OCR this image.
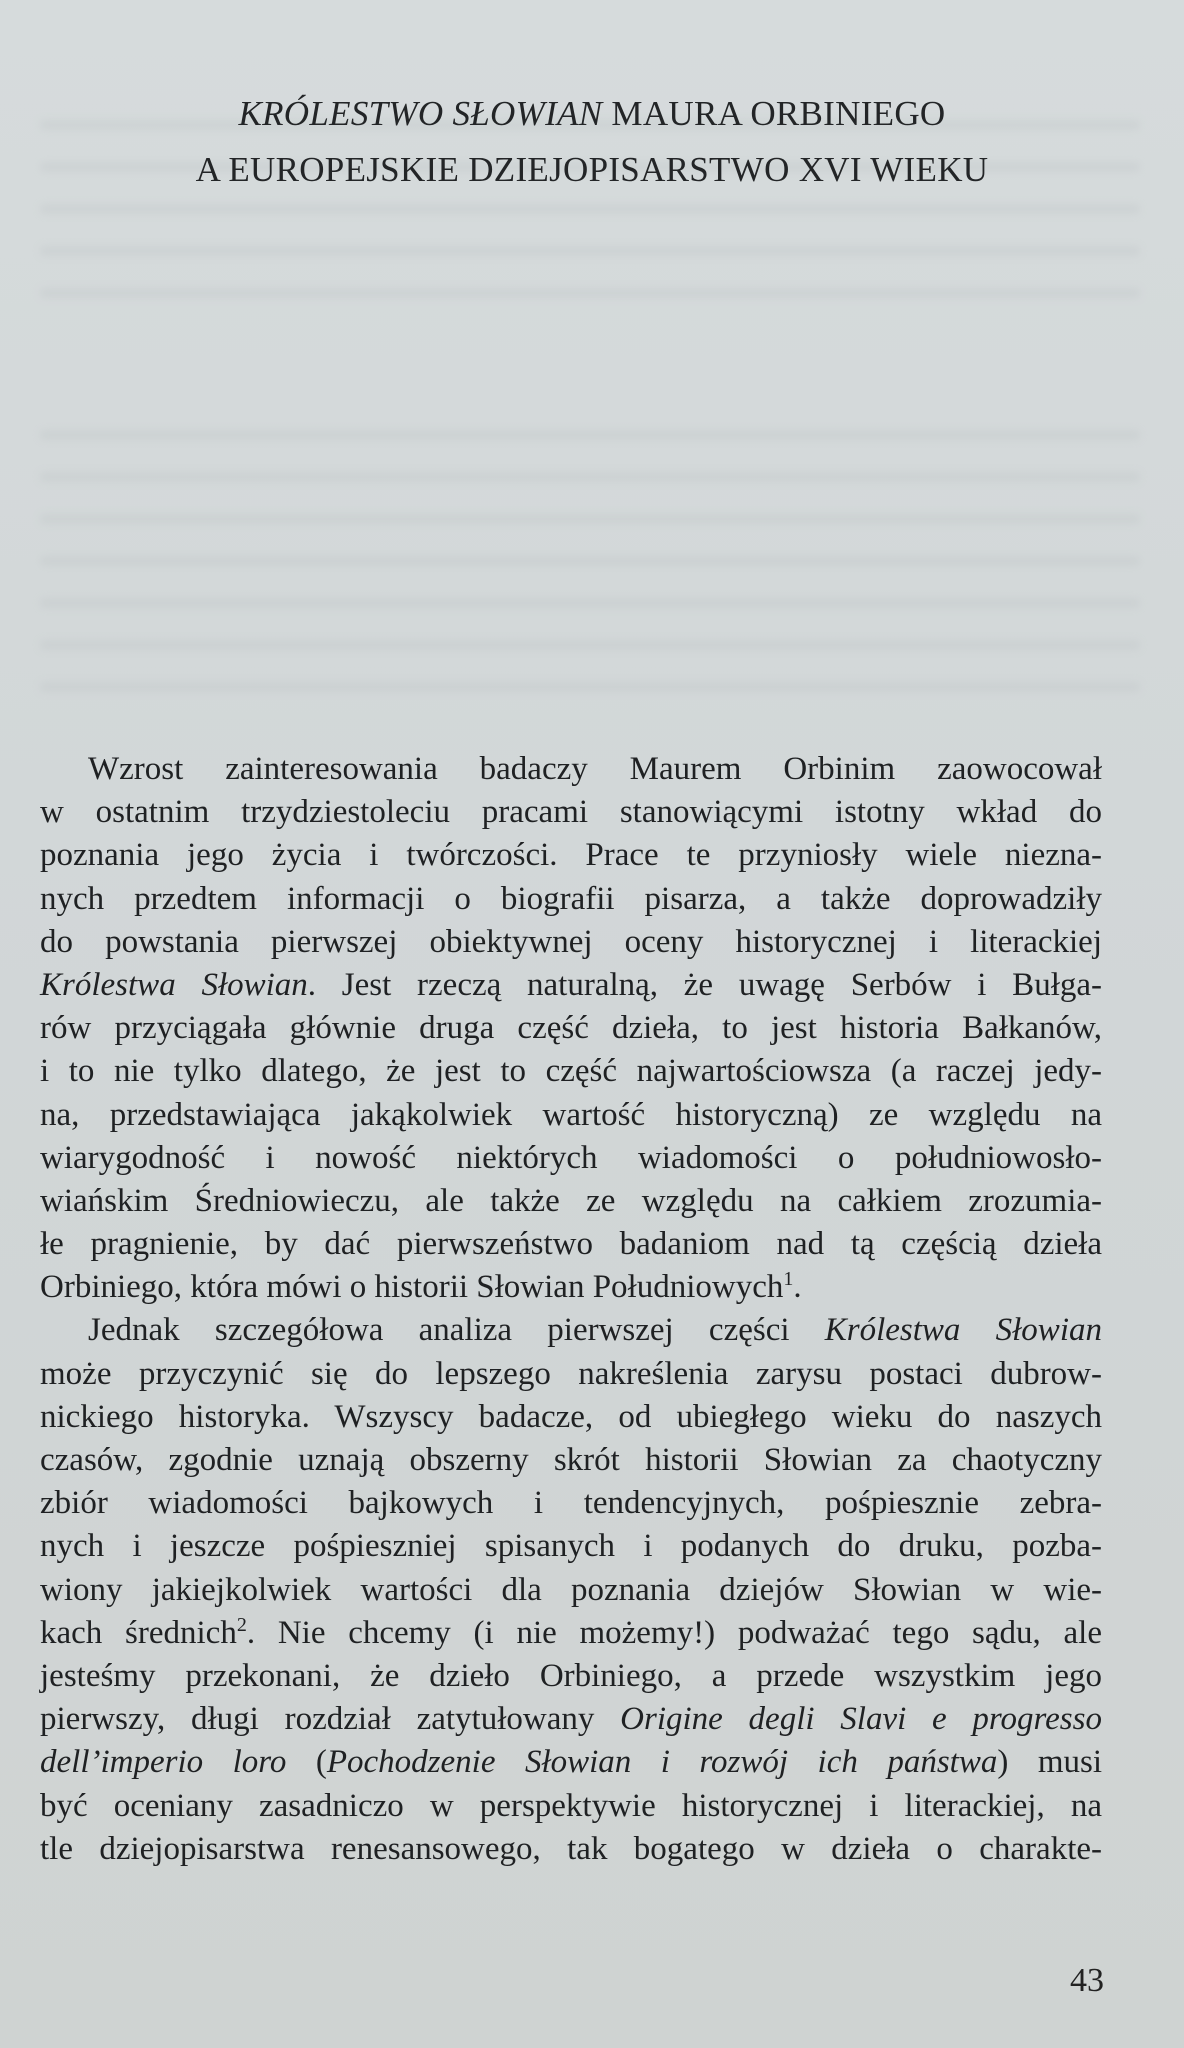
KRÓLESTWO SŁOWIAN MAURA ORBINIEGO
A EUROPEJSKIE DZIEJOPISARSTWO XVI WIEKU
Wzrost zainteresowania badaczy Maurem Orbinim zaowocował
w ostatnim trzydziestoleciu pracami stanowiącymi istotny wkład do
poznania jego życia i twórczości. Prace te przyniosły wiele niezna-
nych przedtem informacji o biografii pisarza, a także doprowadziły
do powstania pierwszej obiektywnej oceny historycznej i literackiej
Królestwa Słowian. Jest rzeczą naturalną, że uwagę Serbów i Bułga-
rów przyciągała głównie druga część dzieła, to jest historia Bałkanów,
i to nie tylko dlatego, że jest to część najwartościowsza (a raczej jedy-
na, przedstawiająca jakąkolwiek wartość historyczną) ze względu na
wiarygodność i nowość niektórych wiadomości o południowosło-
wiańskim Średniowieczu, ale także ze względu na całkiem zrozumia-
łe pragnienie, by dać pierwszeństwo badaniom nad tą częścią dzieła
Orbiniego, która mówi o historii Słowian Południowych$^1$.
Jednak szczegółowa analiza pierwszej części Królestwa Słowian
może przyczynić się do lepszego nakreślenia zarysu postaci dubrow-
nickiego historyka. Wszyscy badacze, od ubiegłego wieku do naszych
czasów, zgodnie uznają obszerny skrót historii Słowian za chaotyczny
zbiór wiadomości bajkowych i tendencyjnych, pośpiesznie zebra-
nych i jeszcze pośpieszniej spisanych i podanych do druku, pozba-
wiony jakiejkolwiek wartości dla poznania dziejów Słowian w wie-
kach średnich$^2$. Nie chcemy (i nie możemy!) podważać tego sądu, ale
jesteśmy przekonani, że dzieło Orbiniego, a przede wszystkim jego
pierwszy, długi rozdział zatytułowany Origine degli Slavi e progresso
dell’imperio loro (Pochodzenie Słowian i rozwój ich państwa) musi
być oceniany zasadniczo w perspektywie historycznej i literackiej, na
tle dziejopisarstwa renesansowego, tak bogatego w dzieła o charakte-
43
